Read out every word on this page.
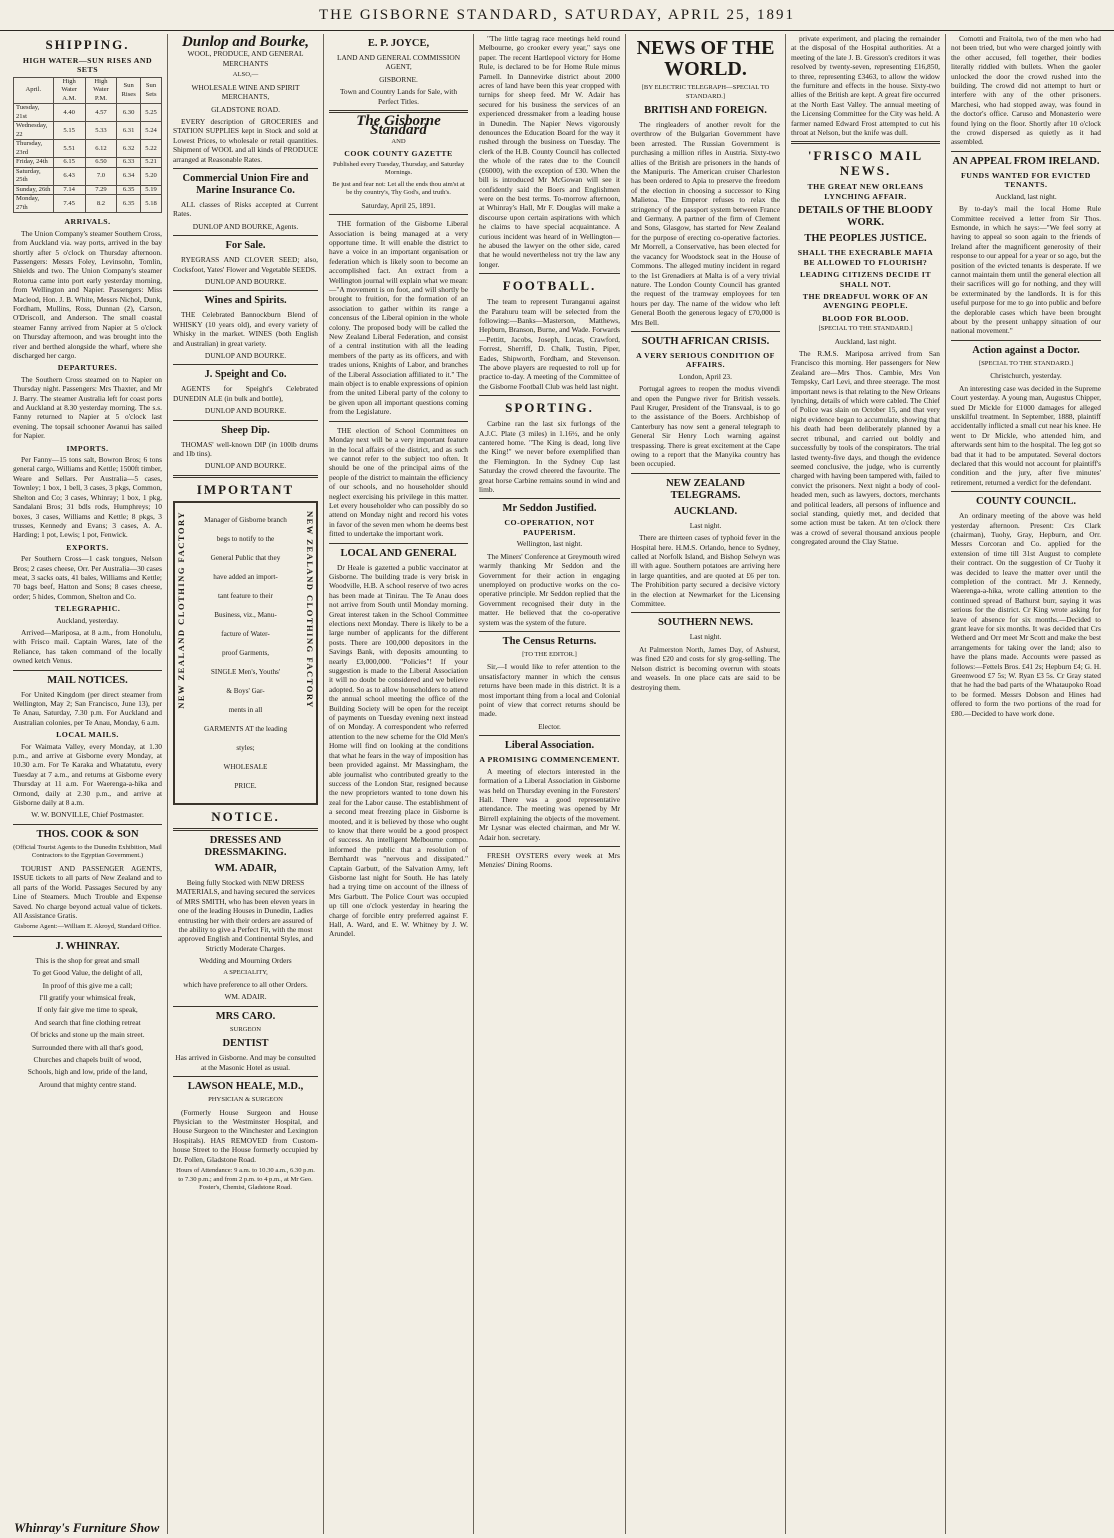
THE GISBORNE STANDARD, SATURDAY, APRIL 25, 1891
SHIPPING.
HIGH WATER—SUN RISES AND SETS
April.	High Water A.M.	High Water P.M.	Sun Rises	Sun Sets
Tuesday, 21st	4.40	4.57	6.30	5.25
Wednesday, 22	5.15	5.33	6.31	5.24
Thursday, 23rd	5.51	6.12	6.32	5.22
Friday, 24th	6.15	6.50	6.33	5.21
Saturday, 25th	6.43	7.0	6.34	5.20
Sunday, 26th	7.14	7.29	6.35	5.19
Monday, 27th	7.45	8.2	6.35	5.18
ARRIVALS.

The Union Company's steamer Southern Cross, from Auckland via. way ports, arrived in the bay shortly after 5 o'clock on Thursday afternoon. Passengers: Messrs Foley, Levinsohn, Tomlin, Shields and two. The Union Company's steamer Rotorua came into port early yesterday morning, from Wellington and Napier. Passengers: Miss Macleod, Hon. J. B. White, Messrs Nichol, Dunk, Fordham, Mullins, Ross, Dunnan (2), Carson, O'Driscoll, and Anderson. The small coastal steamer Fanny arrived from Napier at 5 o'clock on Thursday afternoon, and was brought into the river and berthed alongside the wharf, where she discharged her cargo.

DEPARTURES.

The Southern Cross steamed on to Napier on Thursday night. Passengers: Mrs Thaxter, and Mr J. Barry. The steamer Australia left for coast ports and Auckland at 8.30 yesterday morning. The s.s. Fanny returned to Napier at 5 o'clock last evening. The topsail schooner Awanui has sailed for Napier.

IMPORTS.

Per Fanny—15 tons salt, Bowron Bros; 6 tons general cargo, Williams and Kettle; 1500ft timber, Weare and Sellars. Per Australia—5 cases, Townley; 1 box, 1 bell, 3 cases, 3 pkgs, Common, Shelton and Co; 3 cases, Whinray; 1 box, 1 pkg, Sandalani Bros; 31 bdls rods, Humphreys; 10 boxes, 3 cases, Williams and Kettle; 8 pkgs, 3 trusses, Kennedy and Evans; 3 cases, A. A. Harding; 1 pot, Lewis; 1 pot, Fenwick.

EXPORTS.

Per Southern Cross—1 cask tongues, Nelson Bros; 2 cases cheese, Orr. Per Australia—30 cases meat, 3 sacks oats, 41 bales, Williams and Kettle; 70 bags beef, Hatton and Sons; 8 cases cheese, order; 5 hides, Common, Shelton and Co.

TELEGRAPHIC.

Auckland, yesterday.

Arrived—Mariposa, at 8 a.m., from Honolulu, with Frisco mail. Captain Wares, late of the Reliance, has taken command of the locally owned ketch Venus.

MAIL NOTICES.

For United Kingdom (per direct steamer from Wellington, May 2; San Francisco, June 13), per Te Anau, Saturday, 7.30 p.m. For Auckland and Australian colonies, per Te Anau, Monday, 6 a.m.

LOCAL MAILS.

For Waimata Valley, every Monday, at 1.30 p.m., and arrive at Gisborne every Monday, at 10.30 a.m. For Te Karaka and Whatatutu, every Tuesday at 7 a.m., and returns at Gisborne every Thursday at 11 a.m. For Waerenga-a-hika and Ormond, daily at 2.30 p.m., and arrive at Gisborne daily at 8 a.m.

W. W. BONVILLE, Chief Postmaster.

THOS. COOK & SON

(Official Tourist Agents to the Dunedin Exhibition, Mail Contractors to the Egyptian Government.)

TOURIST AND PASSENGER AGENTS, ISSUE tickets to all parts of New Zealand and to all parts of the World. Passages Secured by any Line of Steamers. Much Trouble and Expense Saved. No charge beyond actual value of tickets. All Assistance Gratis.

Gisborne Agent:—William E. Akroyd, Standard Office.

J. WHINRAY.

This is the shop for great and small

To get Good Value, the delight of all,

In proof of this give me a call;

I'll gratify your whimsical freak,

If only fair give me time to speak,

And search that fine clothing retreat

Of bricks and stone up the main street.

Surrounded there with all that's good,

Churches and chapels built of wood,

Schools, high and low, pride of the land,

Around that mighty centre stand.

Whinray's Furniture Show
Dunlop and Bourke,

WOOL, PRODUCE, AND GENERAL MERCHANTS

ALSO,—

WHOLESALE WINE AND SPIRIT MERCHANTS,

GLADSTONE ROAD.

EVERY description of GROCERIES and STATION SUPPLIES kept in Stock and sold at Lowest Prices, to wholesale or retail quantities. Shipment of WOOL and all kinds of PRODUCE arranged at Reasonable Rates.

Commercial Union Fire and Marine Insurance Co.

ALL classes of Risks accepted at Current Rates.

DUNLOP AND BOURKE, Agents.

For Sale.

RYEGRASS AND CLOVER SEED; also, Cocksfoot, Yates' Flower and Vegetable SEEDS.

DUNLOP AND BOURKE.

Wines and Spirits.

THE Celebrated Bannockburn Blend of WHISKY (10 years old), and every variety of Whisky in the market. WINES (both English and Australian) in great variety.

DUNLOP AND BOURKE.

J. Speight and Co.

AGENTS for Speight's Celebrated DUNEDIN ALE (in bulk and bottle),

DUNLOP AND BOURKE.

Sheep Dip.

THOMAS' well-known DIP (in 100lb drums and 1lb tins).

DUNLOP AND BOURKE.

IMPORTANT
NEW ZEALAND CLOTHING FACTORY	NEW ZEALAND CLOTHING FACTORY
Manager of Gisborne branch
begs to notify to the
General Public that they
have added an import-
tant feature to their
Business, viz., Manu-
facture of Water-
proof Garments,
SINGLE Men's, Youths'
& Boys' Gar-
ments in all
GARMENTS AT the leading
styles;
WHOLESALE
PRICE.
NOTICE.
DRESSES AND DRESSMAKING.
WM. ADAIR,

Being fully Stocked with NEW DRESS MATERIALS, and having secured the services of MRS SMITH, who has been eleven years in one of the leading Houses in Dunedin, Ladies entrusting her with their orders are assured of the ability to give a Perfect Fit, with the most approved English and Continental Styles, and Strictly Moderate Charges.

Wedding and Mourning Orders

A SPECIALITY,

which have preference to all other Orders.

WM. ADAIR.

MRS CARO.

SURGEON

DENTIST

Has arrived in Gisborne. And may be consulted at the Masonic Hotel as usual.

LAWSON HEALE, M.D.,

PHYSICIAN & SURGEON

(Formerly House Surgeon and House Physician to the Westminster Hospital, and House Surgeon to the Winchester and Lexington Hospitals). HAS REMOVED from Custom-house Street to the House formerly occupied by Dr. Pollen, Gladstone Road.

Hours of Attendance: 9 a.m. to 10.30 a.m., 6.30 p.m. to 7.30 p.m.; and from 2 p.m. to 4 p.m., at Mr Geo. Foster's, Chemist, Gladstone Road.

E. P. JOYCE,

LAND AND GENERAL COMMISSION AGENT,

GISBORNE.

Town and Country Lands for Sale, with Perfect Titles.

The Gisborne Standard

AND

COOK COUNTY GAZETTE

Published every Tuesday, Thursday, and Saturday Mornings.

Be just and fear not: Let all the ends thou aim'st at be thy country's, Thy God's, and truth's.

Saturday, April 25, 1891.

THE formation of the Gisborne Liberal Association is being managed at a very opportune time. It will enable the district to have a voice in an important organisation or federation which is likely soon to become an accomplished fact. An extract from a Wellington journal will explain what we mean:—"A movement is on foot, and will shortly be brought to fruition, for the formation of an association to gather within its range a concensus of the Liberal opinion in the whole colony. The proposed body will be called the New Zealand Liberal Federation, and consist of a central institution with all the leading members of the party as its officers, and with trades unions, Knights of Labor, and branches of the Liberal Association affiliated to it." The main object is to enable expressions of opinion from the united Liberal party of the colony to be given upon all important questions coming from the Legislature.

THE election of School Committees on Monday next will be a very important feature in the local affairs of the district, and as such we cannot refer to the subject too often. It should be one of the principal aims of the people of the district to maintain the efficiency of our schools, and no householder should neglect exercising his privilege in this matter. Let every householder who can possibly do so attend on Monday night and record his votes in favor of the seven men whom he deems best fitted to undertake the important work.

LOCAL AND GENERAL

Dr Heale is gazetted a public vaccinator at Gisborne. The building trade is very brisk in Woodville, H.B. A school reserve of two acres has been made at Tinirau. The Te Anau does not arrive from South until Monday morning. Great interest taken in the School Committee elections next Monday. There is likely to be a large number of applicants for the different posts. There are 100,000 depositors in the Savings Bank, with deposits amounting to nearly £3,000,000. "Policies"! If your suggestion is made to the Liberal Association it will no doubt be considered and we believe adopted. So as to allow householders to attend the annual school meeting the office of the Building Society will be open for the receipt of payments on Tuesday evening next instead of on Monday. A correspondent who referred attention to the new scheme for the Old Men's Home will find on looking at the conditions that what he fears in the way of imposition has been provided against. Mr Massingham, the able journalist who contributed greatly to the success of the London Star, resigned because the new proprietors wanted to tone down his zeal for the Labor cause. The establishment of a second meat freezing place in Gisborne is mooted, and it is believed by those who ought to know that there would be a good prospect of success. An intelligent Melbourne compo. informed the public that a resolution of Bernhardt was "nervous and dissipated." Captain Garbutt, of the Salvation Army, left Gisborne last night for South. He has lately had a trying time on account of the illness of Mrs Garbutt. The Police Court was occupied up till one o'clock yesterday in hearing the charge of forcible entry preferred against F. Hall, A. Ward, and E. W. Whitney by J. W. Arundel.

"The little tagrag race meetings held round Melbourne, go crooker every year," says one paper. The recent Hartlepool victory for Home Rule, is declared to be for Home Rule minus Parnell. In Dannevirke district about 2000 acres of land have been this year cropped with turnips for sheep feed. Mr W. Adair has secured for his business the services of an experienced dressmaker from a leading house in Dunedin. The Napier News vigorously denounces the Education Board for the way it rushed through the business on Tuesday. The clerk of the H.B. County Council has collected the whole of the rates due to the Council (£6000), with the exception of £30. When the bill is introduced Mr McGowan will see it confidently said the Boers and Englishmen were on the best terms. To-morrow afternoon, at Whinray's Hall, Mr F. Douglas will make a discourse upon certain aspirations with which he claims to have special acquaintance. A curious incident was heard of in Wellington—he abused the lawyer on the other side, cared that he would nevertheless not try the law any longer.

FOOTBALL.

The team to represent Turanganui against the Parahuru team will be selected from the following:—Banks—Masterson, Matthews, Hepburn, Branson, Burne, and Wade. Forwards—Pettitt, Jacobs, Joseph, Lucas, Crawford, Forrest, Sherriff, D. Chalk, Tustin, Piper, Eades, Shipworth, Fordham, and Stevenson. The above players are requested to roll up for practice to-day. A meeting of the Committee of the Gisborne Football Club was held last night.

SPORTING.

Carbine ran the last six furlongs of the A.J.C. Plate (3 miles) in 1.16½, and he only cantered home. "The King is dead, long live the King!" we never before exemplified than the Flemington. In the Sydney Cup last Saturday the crowd cheered the favourite. The great horse Carbine remains sound in wind and limb.

Mr Seddon Justified.
CO-OPERATION, NOT PAUPERISM.

Wellington, last night.

The Miners' Conference at Greymouth wired warmly thanking Mr Seddon and the Government for their action in engaging unemployed on productive works on the co-operative principle. Mr Seddon replied that the Government recognised their duty in the matter. He believed that the co-operative system was the system of the future.

The Census Returns.

[TO THE EDITOR.]

Sir,—I would like to refer attention to the unsatisfactory manner in which the census returns have been made in this district. It is a most important thing from a local and Colonial point of view that correct returns should be made.

Elector.

Liberal Association.
A PROMISING COMMENCEMENT.

A meeting of electors interested in the formation of a Liberal Association in Gisborne was held on Thursday evening in the Foresters' Hall. There was a good representative attendance. The meeting was opened by Mr Birrell explaining the objects of the movement. Mr Lysnar was elected chairman, and Mr W. Adair hon. secretary.

FRESH OYSTERS every week at Mrs Menzies' Dining Rooms.

NEWS OF THE WORLD.

[BY ELECTRIC TELEGRAPH—SPECIAL TO STANDARD.]

BRITISH AND FOREIGN.

The ringleaders of another revolt for the overthrow of the Bulgarian Government have been arrested. The Russian Government is purchasing a million rifles in Austria. Sixty-two allies of the British are prisoners in the hands of the Manipuris. The American cruiser Charleston has been ordered to Apia to preserve the freedom of the election in choosing a successor to King Malietoa. The Emperor refuses to relax the stringency of the passport system between France and Germany. A partner of the firm of Clement and Sons, Glasgow, has started for New Zealand for the purpose of erecting co-operative factories. Mr Morrell, a Conservative, has been elected for the vacancy for Woodstock seat in the House of Commons. The alleged mutiny incident in regard to the 1st Grenadiers at Malta is of a very trivial nature. The London County Council has granted the request of the tramway employees for ten hours per day. The name of the widow who left General Booth the generous legacy of £70,000 is Mrs Bell.

SOUTH AFRICAN CRISIS.
A VERY SERIOUS CONDITION OF AFFAIRS.

London, April 23.

Portugal agrees to reopen the modus vivendi and open the Pungwe river for British vessels. Paul Kruger, President of the Transvaal, is to go to the assistance of the Boers. Archbishop of Canterbury has now sent a general telegraph to General Sir Henry Loch warning against trespassing. There is great excitement at the Cape owing to a report that the Manyika country has been occupied.

NEW ZEALAND TELEGRAMS.
AUCKLAND.

Last night.

There are thirteen cases of typhoid fever in the Hospital here. H.M.S. Orlando, hence to Sydney, called at Norfolk Island, and Bishop Selwyn was ill with ague. Southern potatoes are arriving here in large quantities, and are quoted at £6 per ton. The Prohibition party secured a decisive victory in the election at Newmarket for the Licensing Committee.

SOUTHERN NEWS.

Last night.

At Palmerston North, James Day, of Ashurst, was fined £20 and costs for sly grog-selling. The Nelson district is becoming overrun with stoats and weasels. In one place cats are said to be destroying them.

private experiment, and placing the remainder at the disposal of the Hospital authorities. At a meeting of the late J. B. Gresson's creditors it was resolved by twenty-seven, representing £16,850, to three, representing £3463, to allow the widow the furniture and effects in the house. Sixty-two allies of the British are kept. A great fire occurred at the North East Valley. The annual meeting of the Licensing Committee for the City was held. A farmer named Edward Frost attempted to cut his throat at Nelson, but the knife was dull.

'FRISCO MAIL NEWS.
THE GREAT NEW ORLEANS LYNCHING AFFAIR.
DETAILS OF THE BLOODY WORK.
THE PEOPLES JUSTICE.
SHALL THE EXECRABLE MAFIA BE ALLOWED TO FLOURISH?
LEADING CITIZENS DECIDE IT SHALL NOT.
THE DREADFUL WORK OF AN AVENGING PEOPLE.
BLOOD FOR BLOOD.

[SPECIAL TO THE STANDARD.]

Auckland, last night.

The R.M.S. Mariposa arrived from San Francisco this morning. Her passengers for New Zealand are—Mrs Thos. Cambie, Mrs Von Tempsky, Carl Levi, and three steerage. The most important news is that relating to the New Orleans lynching, details of which were cabled. The Chief of Police was slain on October 15, and that very night evidence began to accumulate, showing that his death had been deliberately planned by a secret tribunal, and carried out boldly and successfully by tools of the conspirators. The trial lasted twenty-five days, and though the evidence seemed conclusive, the judge, who is currently charged with having been tampered with, failed to convict the prisoners. Next night a body of cool-headed men, such as lawyers, doctors, merchants and political leaders, all persons of influence and social standing, quietly met, and decided that some action must be taken. At ten o'clock there was a crowd of several thousand anxious people congregated around the Clay Statue.

Comotti and Fraitola, two of the men who had not been tried, but who were charged jointly with the other accused, fell together, their bodies literally riddled with bullets. When the gaoler unlocked the door the crowd rushed into the building. The crowd did not attempt to hurt or interfere with any of the other prisoners. Marchesi, who had stopped away, was found in the doctor's office. Caruso and Monasterio were found lying on the floor. Shortly after 10 o'clock the crowd dispersed as quietly as it had assembled.

AN APPEAL FROM IRELAND.
FUNDS WANTED FOR EVICTED TENANTS.

Auckland, last night.

By to-day's mail the local Home Rule Committee received a letter from Sir Thos. Esmonde, in which he says:—"We feel sorry at having to appeal so soon again to the friends of Ireland after the magnificent generosity of their response to our appeal for a year or so ago, but the position of the evicted tenants is desperate. If we cannot maintain them until the general election all their sacrifices will go for nothing, and they will be exterminated by the landlords. It is for this useful purpose for me to go into public and before the deplorable cases which have been brought about by the present unhappy situation of our national movement."

Action against a Doctor.

[SPECIAL TO THE STANDARD.]

Christchurch, yesterday.

An interesting case was decided in the Supreme Court yesterday. A young man, Augustus Chipper, sued Dr Mickle for £1000 damages for alleged unskilful treatment. In September, 1888, plaintiff accidentally inflicted a small cut near his knee. He went to Dr Mickle, who attended him, and afterwards sent him to the hospital. The leg got so bad that it had to be amputated. Several doctors declared that this would not account for plaintiff's condition and the jury, after five minutes' retirement, returned a verdict for the defendant.

COUNTY COUNCIL.

An ordinary meeting of the above was held yesterday afternoon. Present: Crs Clark (chairman), Tuohy, Gray, Hepburn, and Orr. Messrs Corcoran and Co. applied for the extension of time till 31st August to complete their contract. On the suggestion of Cr Tuohy it was decided to leave the matter over until the completion of the contract. Mr J. Kennedy, Waerenga-a-hika, wrote calling attention to the continued spread of Bathurst burr, saying it was serious for the district. Cr King wrote asking for leave of absence for six months.—Decided to grant leave for six months. It was decided that Crs Wetherd and Orr meet Mr Scott and make the best arrangements for taking over the land; also to have the plans made. Accounts were passed as follows:—Fettels Bros. £41 2s; Hepburn £4; G. H. Greenwood £7 5s; W. Ryan £3 5s. Cr Gray stated that he had the bad parts of the Whataupoko Road to be formed. Messrs Dobson and Hines had offered to form the two portions of the road for £80.—Decided to have work done.
